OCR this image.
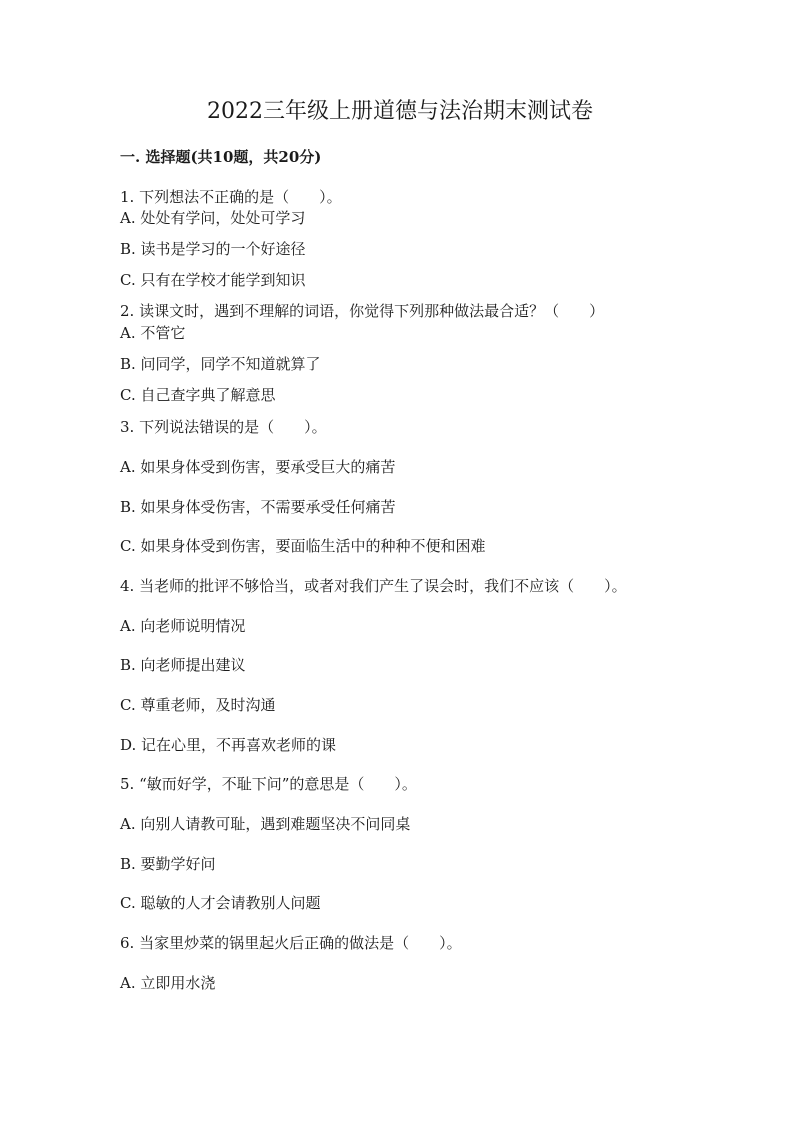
2022三年级上册道德与法治期末测试卷
一. 选择题(共10题，共20分)
1. 下列想法不正确的是（　　）。
A. 处处有学问，处处可学习
B. 读书是学习的一个好途径
C. 只有在学校才能学到知识
2. 读课文时，遇到不理解的词语，你觉得下列那种做法最合适？（　　）
A. 不管它
B. 问同学，同学不知道就算了
C. 自己查字典了解意思
3. 下列说法错误的是（　　）。
A. 如果身体受到伤害，要承受巨大的痛苦
B. 如果身体受伤害，不需要承受任何痛苦
C. 如果身体受到伤害，要面临生活中的种种不便和困难
4. 当老师的批评不够恰当，或者对我们产生了误会时，我们不应该（　　）。
A. 向老师说明情况
B. 向老师提出建议
C. 尊重老师，及时沟通
D. 记在心里，不再喜欢老师的课
5. “敏而好学，不耻下问”的意思是（　　）。
A. 向别人请教可耻，遇到难题坚决不问同桌
B. 要勤学好问
C. 聪敏的人才会请教别人问题
6. 当家里炒菜的锅里起火后正确的做法是（　　）。
A. 立即用水浇
